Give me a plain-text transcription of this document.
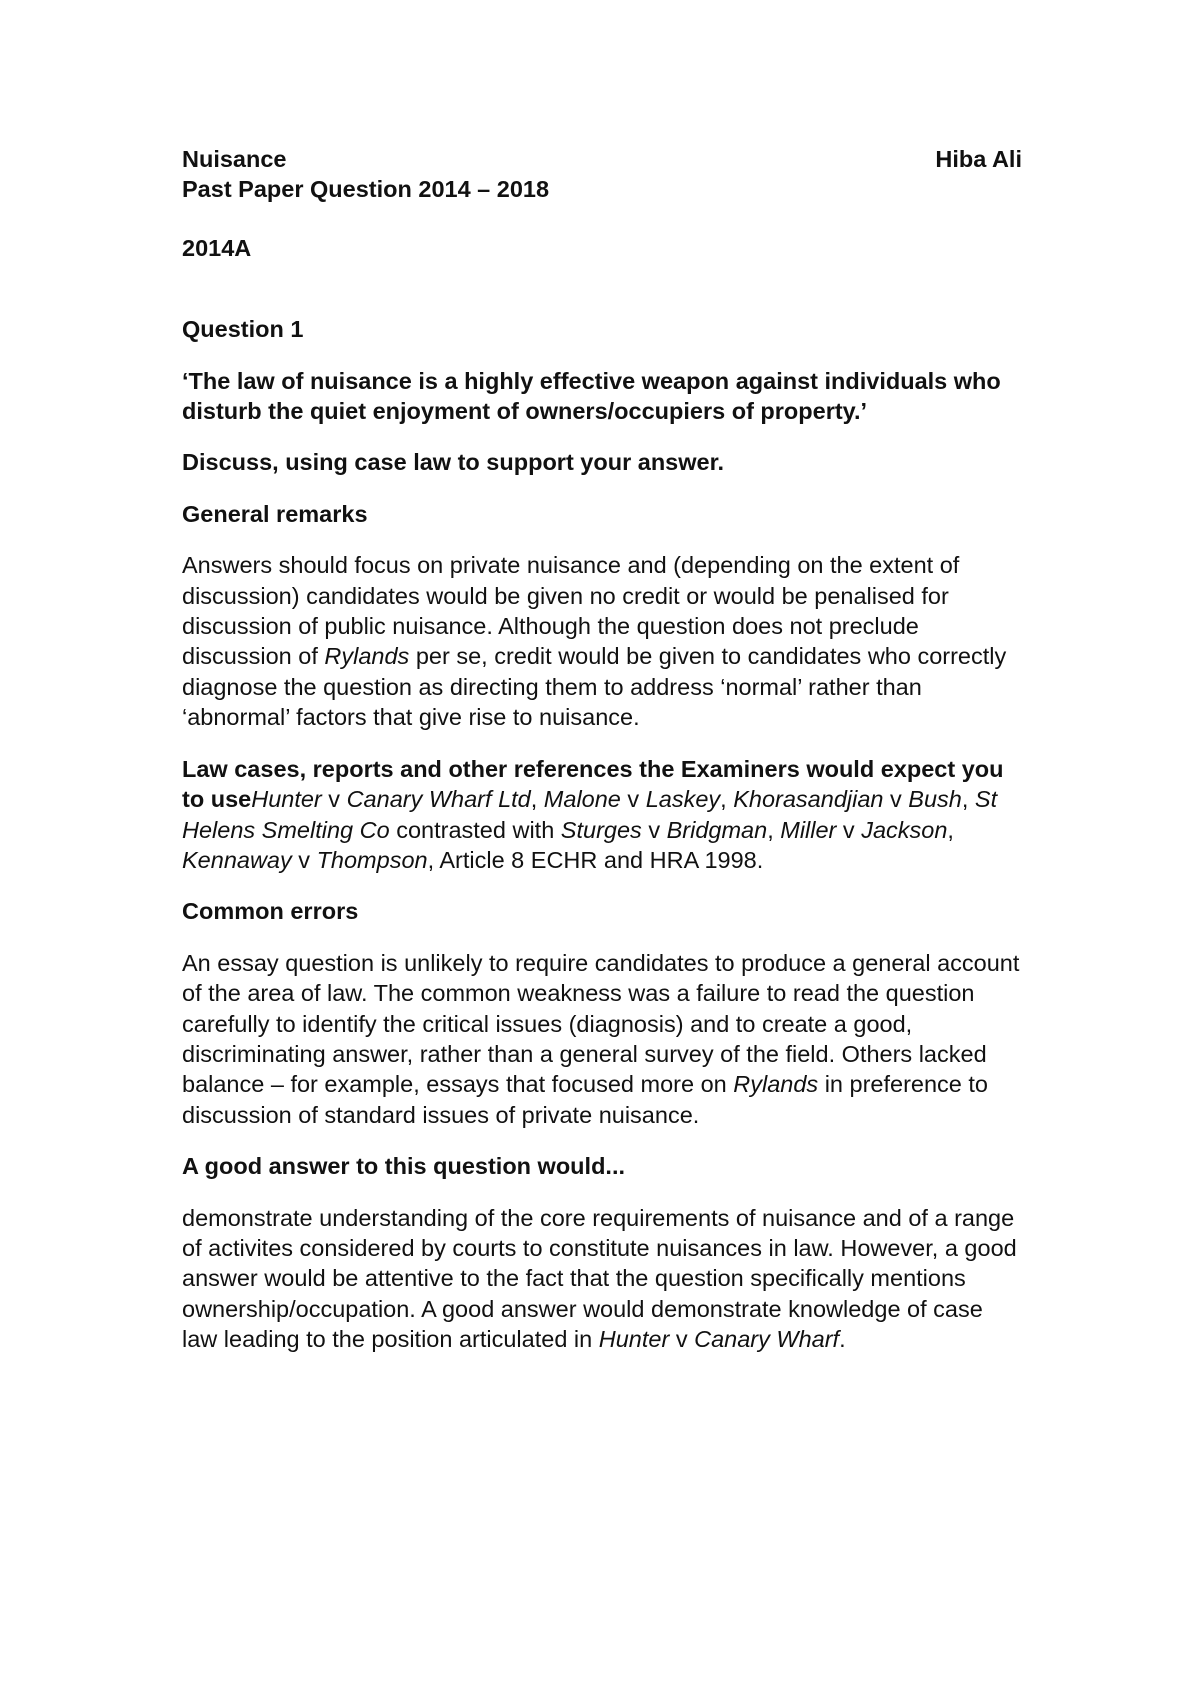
Nuisance	Hiba Ali

Past Paper Question 2014 – 2018

2014A

Question 1

‘The law of nuisance is a highly effective weapon against individuals who disturb the quiet enjoyment of owners/occupiers of property.’

Discuss, using case law to support your answer.

General remarks

Answers should focus on private nuisance and (depending on the extent of discussion) candidates would be given no credit or would be penalised for discussion of public nuisance. Although the question does not preclude discussion of Rylands per se, credit would be given to candidates who correctly diagnose the question as directing them to address ‘normal’ rather than ‘abnormal’ factors that give rise to nuisance.

Law cases, reports and other references the Examiners would expect you to useHunter v Canary Wharf Ltd, Malone v Laskey, Khorasandjian v Bush, St Helens Smelting Co contrasted with Sturges v Bridgman, Miller v Jackson, Kennaway v Thompson, Article 8 ECHR and HRA 1998.

Common errors

An essay question is unlikely to require candidates to produce a general account of the area of law. The common weakness was a failure to read the question carefully to identify the critical issues (diagnosis) and to create a good, discriminating answer, rather than a general survey of the field. Others lacked balance – for example, essays that focused more on Rylands in preference to discussion of standard issues of private nuisance.

A good answer to this question would...

demonstrate understanding of the core requirements of nuisance and of a range of activites considered by courts to constitute nuisances in law. However, a good answer would be attentive to the fact that the question specifically mentions ownership/occupation. A good answer would demonstrate knowledge of case law leading to the position articulated in Hunter v Canary Wharf.
